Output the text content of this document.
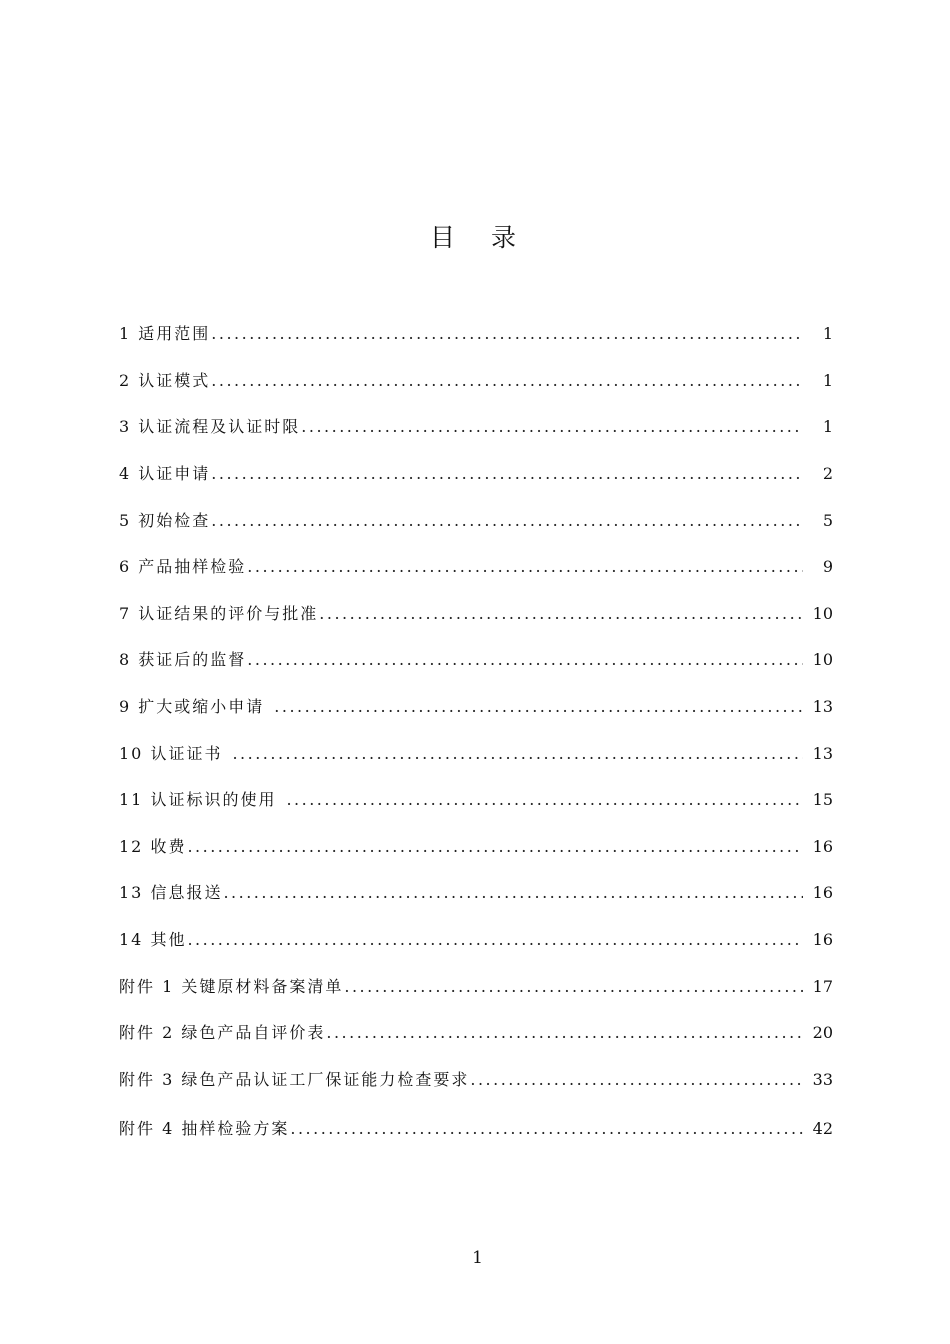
目 录
1 适用范围 .....	1
2 认证模式 .....	1
3 认证流程及认证时限 .....	1
4 认证申请 .....	2
5 初始检查 .....	5
6 产品抽样检验 .....	9
7 认证结果的评价与批准 .....	10
8 获证后的监督 .....	10
9 扩大或缩小申请 .....	13
10 认证证书 .....	13
11 认证标识的使用 .....	15
12 收费 .....	16
13 信息报送 .....	16
14 其他 .....	16
附件 1 关键原材料备案清单 .....	17
附件 2 绿色产品自评价表 .....	20
附件 3 绿色产品认证工厂保证能力检查要求 .....	33
附件 4 抽样检验方案 .....	42
1
